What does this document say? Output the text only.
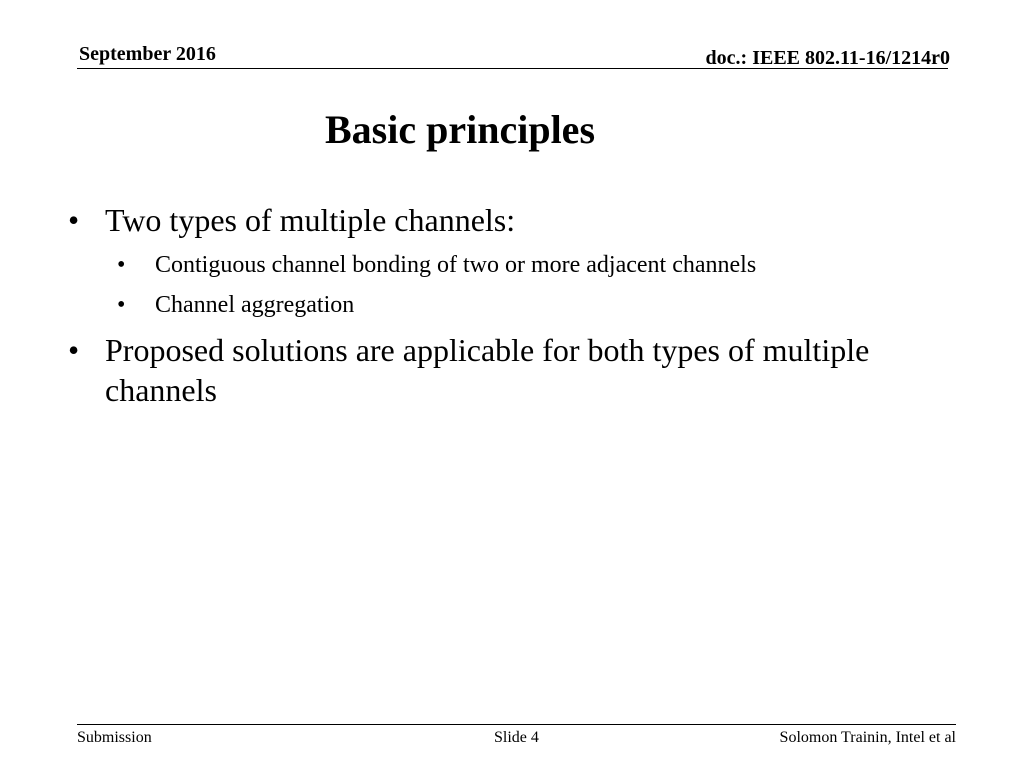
September 2016	doc.: IEEE 802.11-16/1214r0
Basic principles
• Two types of multiple channels:
• Contiguous channel bonding of two or more adjacent channels
• Channel aggregation
• Proposed solutions are applicable for both types of multiple channels
Submission	Slide 4	Solomon Trainin, Intel et al
